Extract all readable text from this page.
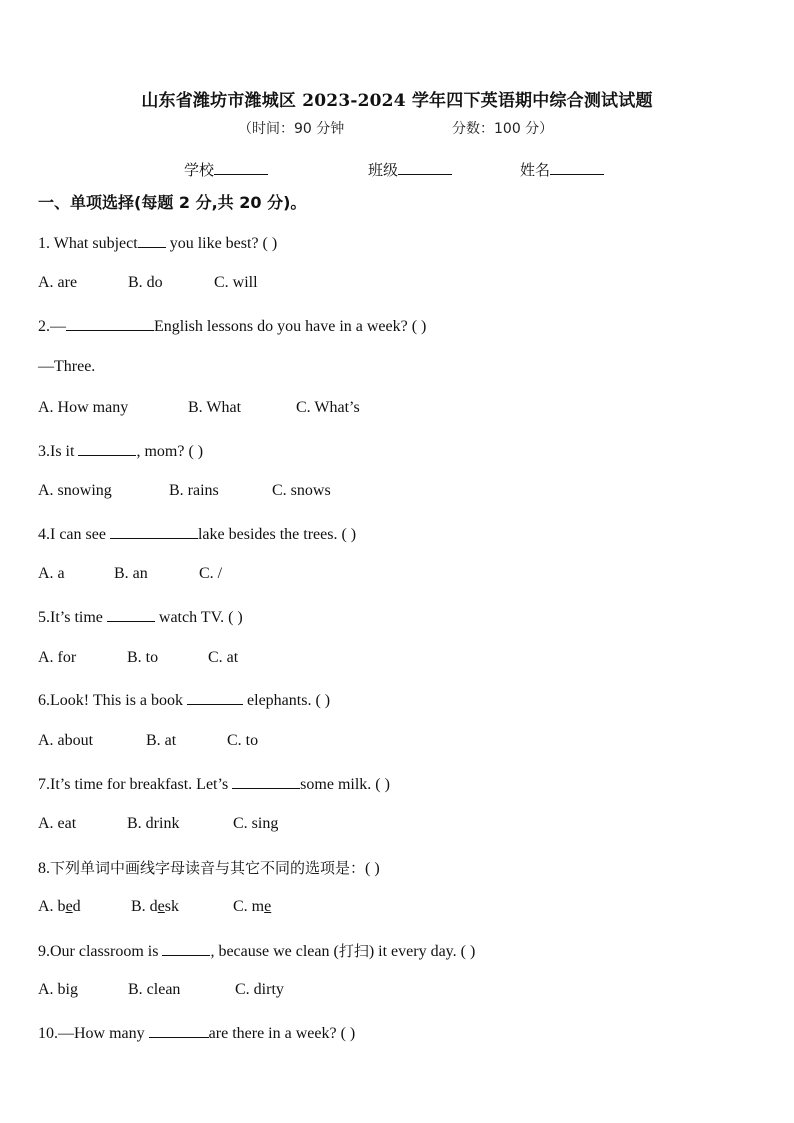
山东省潍坊市潍城区 2023-2024 学年四下英语期中综合测试试题
（时间：90 分钟	分数：100 分）
学校	班级	姓名
一、单项选择(每题 2 分,共 20 分)。
1. What subject you like best? ( )
A. are	B. do	C. will
2.—	English lessons do you have in a week? ( )
—Three.
A. How many	B. What	C. What’s
3.Is it	, mom? ( )
A. snowing	B. rains	C. snows
4.I can see	lake besides the trees. ( )
A. a	B. an	C. /
5.It’s time	watch TV. ( )
A. for	B. to	C. at
6.Look! This is a book	elephants. ( )
A. about	B. at	C. to
7.It’s time for breakfast. Let’s	some milk. ( )
A. eat	B. drink	C. sing
8.下列单词中画线字母读音与其它不同的选项是：( )
A. bed	B. desk	C. me
9.Our classroom is	, because we clean (打扫) it every day. ( )
A. big	B. clean	C. dirty
10.—How many	are there in a week? ( )
